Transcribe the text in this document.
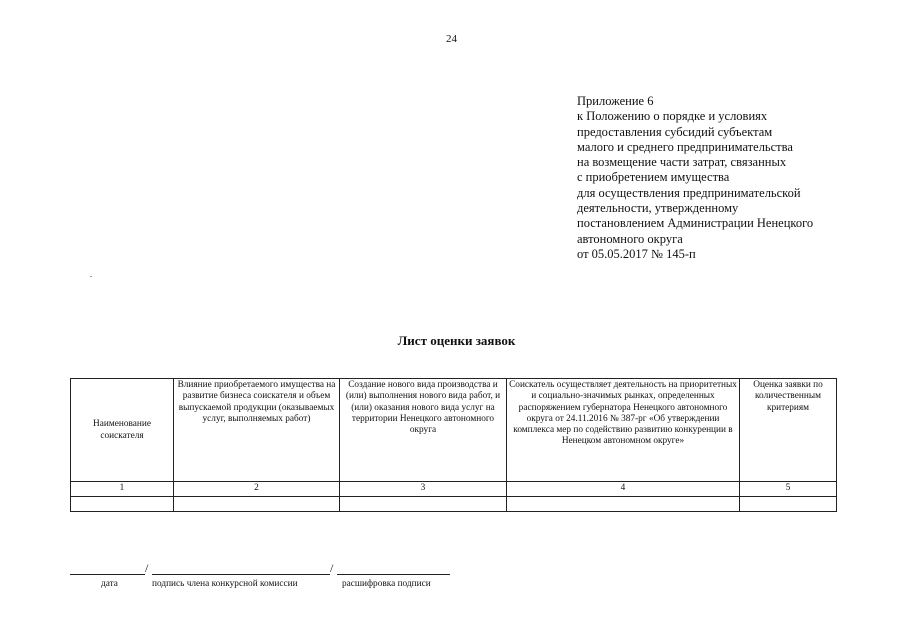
24
Приложение 6
к Положению о порядке и условиях
предоставления субсидий субъектам
малого и среднего предпринимательства
на возмещение части затрат, связанных
с приобретением имущества
для осуществления предпринимательской
деятельности, утвержденному
постановлением Администрации Ненецкого
автономного округа
от 05.05.2017 № 145-п
Лист оценки заявок
Наименование соискателя	Влияние приобретаемого имущества на развитие бизнеса соискателя и объем выпускаемой продукции (оказываемых услуг, выполняемых работ)	Создание нового вида производства и (или) выполнения нового вида работ, и (или) оказания нового вида услуг на территории Ненецкого автономного округа	Соискатель осуществляет деятельность на приоритетных и социально-значимых рынках, определенных распоряжением губернатора Ненецкого автономного округа от 24.11.2016 № 387-рг «Об утверждении комплекса мер по содействию развитию конкуренции в Ненецком автономном округе»	Оценка заявки по количественным критериям
1	2	3	4	5

/	/
дата	подпись члена конкурсной комиссии	расшифровка подписи
